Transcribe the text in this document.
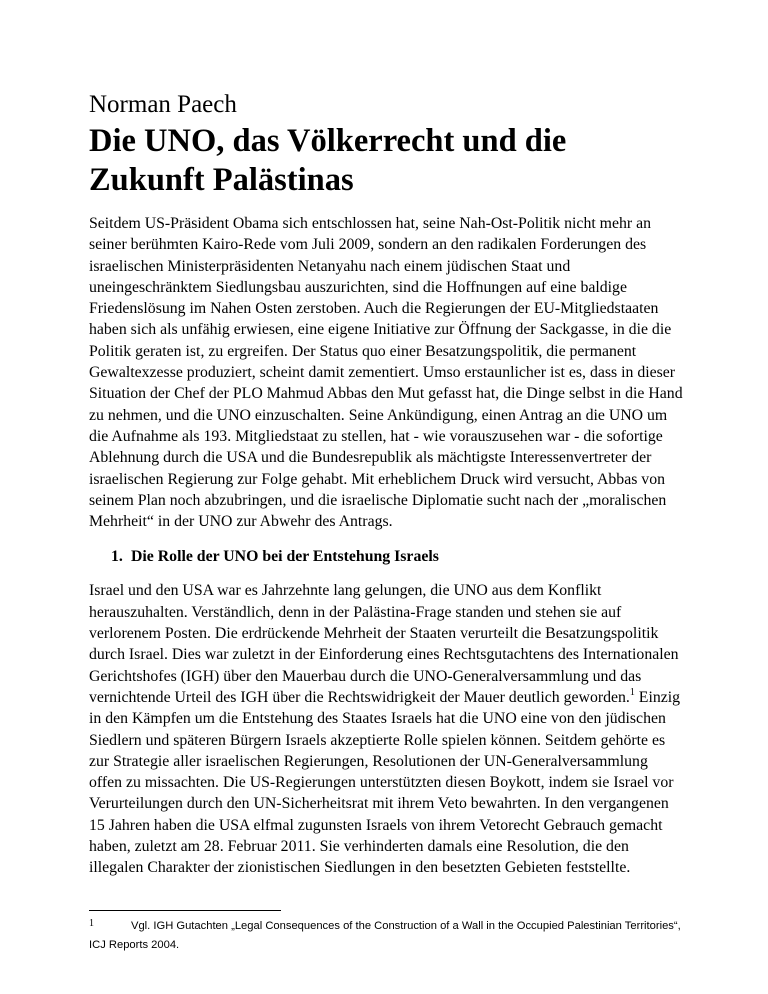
Norman Paech
Die UNO, das Völkerrecht und die Zukunft Palästinas

Seitdem US-Präsident Obama sich entschlossen hat, seine Nah-Ost-Politik nicht mehr an seiner berühmten Kairo-Rede vom Juli 2009, sondern an den radikalen Forderungen des israelischen Ministerpräsidenten Netanyahu nach einem jüdischen Staat und uneingeschränktem Siedlungsbau auszurichten, sind die Hoffnungen auf eine baldige Friedenslösung im Nahen Osten zerstoben. Auch die Regierungen der EU-Mitgliedstaaten haben sich als unfähig erwiesen, eine eigene Initiative zur Öffnung der Sackgasse, in die die Politik geraten ist, zu ergreifen. Der Status quo einer Besatzungspolitik, die permanent Gewaltexzesse produziert, scheint damit zementiert. Umso erstaunlicher ist es, dass in dieser Situation der Chef der PLO Mahmud Abbas den Mut gefasst hat, die Dinge selbst in die Hand zu nehmen, und die UNO einzuschalten. Seine Ankündigung, einen Antrag an die UNO um die Aufnahme als 193. Mitgliedstaat zu stellen, hat - wie vorauszusehen war - die sofortige Ablehnung durch die USA und die Bundesrepublik als mächtigste Interessenvertreter der israelischen Regierung zur Folge gehabt. Mit erheblichem Druck wird versucht, Abbas von seinem Plan noch abzubringen, und die israelische Diplomatie sucht nach der „moralischen Mehrheit“ in der UNO zur Abwehr des Antrags.

1. Die Rolle der UNO bei der Entstehung Israels

Israel und den USA war es Jahrzehnte lang gelungen, die UNO aus dem Konflikt herauszuhalten. Verständlich, denn in der Palästina-Frage standen und stehen sie auf verlorenem Posten. Die erdrückende Mehrheit der Staaten verurteilt die Besatzungspolitik durch Israel. Dies war zuletzt in der Einforderung eines Rechtsgutachtens des Internationalen Gerichtshofes (IGH) über den Mauerbau durch die UNO-Generalversammlung und das vernichtende Urteil des IGH über die Rechtswidrigkeit der Mauer deutlich geworden.$^1$ Einzig in den Kämpfen um die Entstehung des Staates Israels hat die UNO eine von den jüdischen Siedlern und späteren Bürgern Israels akzeptierte Rolle spielen können. Seitdem gehörte es zur Strategie aller israelischen Regierungen, Resolutionen der UN-Generalversammlung offen zu missachten. Die US-Regierungen unterstützten diesen Boykott, indem sie Israel vor Verurteilungen durch den UN-Sicherheitsrat mit ihrem Veto bewahrten. In den vergangenen 15 Jahren haben die USA elfmal zugunsten Israels von ihrem Vetorecht Gebrauch gemacht haben, zuletzt am 28. Februar 2011. Sie verhinderten damals eine Resolution, die den illegalen Charakter der zionistischen Siedlungen in den besetzten Gebieten feststellte.

1	Vgl. IGH Gutachten „Legal Consequences of the Construction of a Wall in the Occupied Palestinian Territories“, ICJ Reports 2004.
